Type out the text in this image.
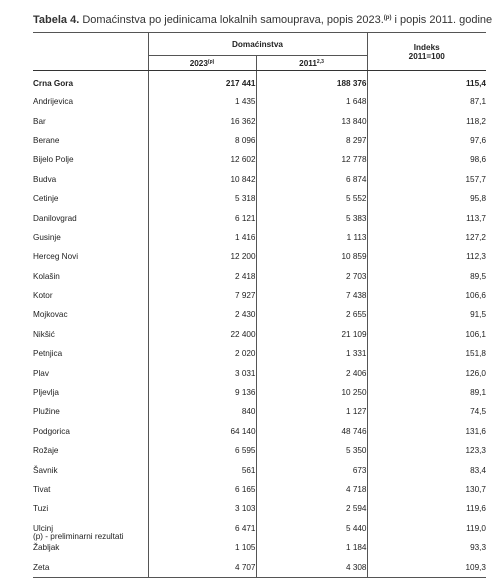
Tabela 4. Domaćinstva po jedinicama lokalnih samouprava, popis 2023.$^{(p)}$ i popis 2011. godine
	Domaćinstva		Indeks
2011=100

	2023$^{(p)}$	2011$^{2,3}$

Crna Gora	217 441	188 376	115,4
Andrijevica	1 435	1 648	87,1
Bar	16 362	13 840	118,2
Berane	8 096	8 297	97,6
Bijelo Polje	12 602	12 778	98,6
Budva	10 842	6 874	157,7
Cetinje	5 318	5 552	95,8
Danilovgrad	6 121	5 383	113,7
Gusinje	1 416	1 113	127,2
Herceg Novi	12 200	10 859	112,3
Kolašin	2 418	2 703	89,5
Kotor	7 927	7 438	106,6
Mojkovac	2 430	2 655	91,5
Nikšić	22 400	21 109	106,1
Petnjica	2 020	1 331	151,8
Plav	3 031	2 406	126,0
Pljevlja	9 136	10 250	89,1
Plužine	840	1 127	74,5
Podgorica	64 140	48 746	131,6
Rožaje	6 595	5 350	123,3
Šavnik	561	673	83,4
Tivat	6 165	4 718	130,7
Tuzi	3 103	2 594	119,6
Ulcinj	6 471	5 440	119,0
Žabljak	1 105	1 184	93,3
Zeta	4 707	4 308	109,3
(p) - preliminarni rezultati
